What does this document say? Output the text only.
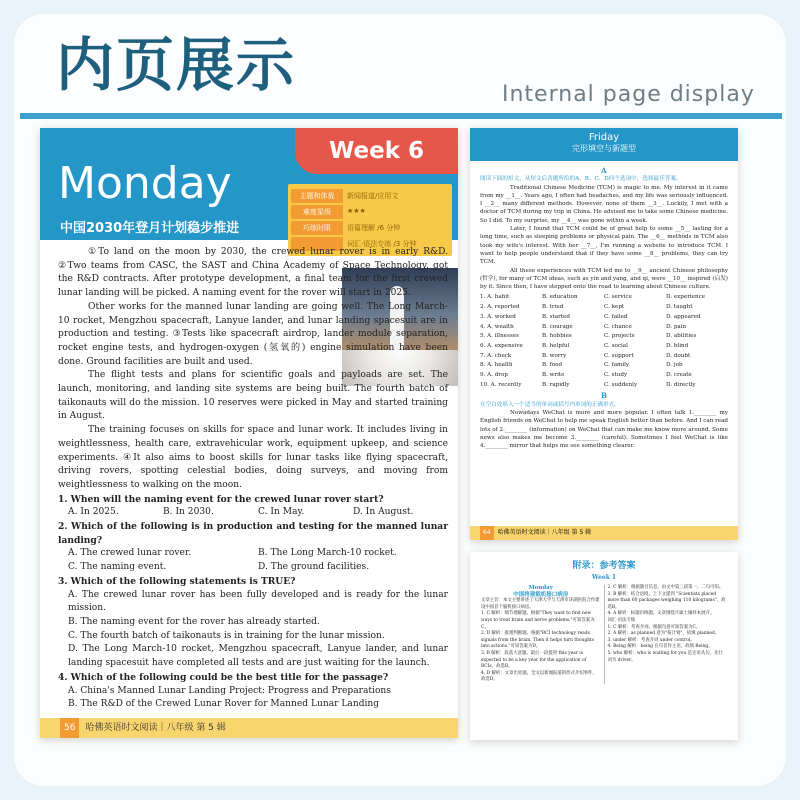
内页展示	Internal page display
Week 6
Monday
中国2030年登月计划稳步推进
主题和体裁	新闻报道/应用文
难度星级	★★★
巧练时限	语篇理解 /6 分钟
词汇·语法专练 /3 分钟

①To land on the moon by 2030, the crewed lunar rover is in early R&D. ②Two teams from CASC, the SAST and China Academy of Space Technology, got the R&D contracts. After prototype development, a final team for the first crewed lunar landing will be picked. A naming event for the rover will start in 2025.

Other works for the manned lunar landing are going well. The Long March-10 rocket, Mengzhou spacecraft, Lanyue lander, and lunar landing spacesuit are in production and testing. ③Tests like spacecraft airdrop, lander module separation, rocket engine tests, and hydrogen-oxygen (氢氧的) engine simulation have been done. Ground facilities are built and used.

The flight tests and plans for scientific goals and payloads are set. The launch, monitoring, and landing site systems are being built. The fourth batch of taikonauts will do the mission. 10 reserves were picked in May and started training in August.

The training focuses on skills for space and lunar work. It includes living in weightlessness, health care, extravehicular work, equipment upkeep, and science experiments. ④It also aims to boost skills for lunar tasks like flying spacecraft, driving rovers, spotting celestial bodies, doing surveys, and moving from weightlessness to walking on the moon.

1. When will the naming event for the crewed lunar rover start?

A. In 2025.	B. In 2030.	C. In May.	D. In August.

2. Which of the following is in production and testing for the manned lunar landing?

A. The crewed lunar rover.	B. The Long March-10 rocket.
C. The naming event.	D. The ground facilities.

3. Which of the following statements is TRUE?

A. The crewed lunar rover has been fully developed and is ready for the lunar mission.

B. The naming event for the rover has already started.

C. The fourth batch of taikonauts is in training for the lunar mission.

D. The Long March-10 rocket, Mengzhou spacecraft, Lanyue lander, and lunar landing spacesuit have completed all tests and are just waiting for the launch.

4. Which of the following could be the best title for the passage?

A. China's Manned Lunar Landing Project: Progress and Preparations

B. The R&D of the Crewed Lunar Rover for Manned Lunar Landing

56 哈佛英语时文阅读｜八年级 第 5 辑
Friday
完形填空与新题型

A

阅读下面的短文，从短文后各题所给的A、B、C、D四个选项中，选择最佳答案。

Traditional Chinese Medicine (TCM) is magic to me. My interest in it came from my __1__. Years ago, I often had headaches, and my life was seriously influenced. I __2__ many different methods. However, none of them __3__. Luckily, I met with a doctor of TCM during my trip in China. He advised me to take some Chinese medicine. So I did. To my surprise, my __4__ was gone within a week.

Later, I found that TCM could be of great help to some __5__ lasting for a long time, such as sleeping problems or physical pain. The __6__ methods in TCM also took my wife's interest. With her __7__, I'm running a website to introduce TCM. I want to help people understand that if they have some __8__ problems, they can try TCM.

All these experiences with TCM led me to __9__ ancient Chinese philosophy (哲学), for many of TCM ideas, such as yin and yang, and qi, were __10__ inspired (启发) by it. Since then, I have stepped onto the road to learning about Chinese culture.

1. A. habit	B. education	C. service	D. experience
2. A. reported	B. tried	C. kept	D. taught
3. A. worked	B. started	C. failed	D. appeared
4. A. wealth	B. courage	C. chance	D. pain
5. A. illnesses	B. hobbies	C. projects	D. abilities
6. A. expensive	B. helpful	C. social	D. blind
7. A. check	B. worry	C. support	D. doubt
8. A. health	B. food	C. family	D. job
9. A. drop	B. write	C. study	D. create
10. A. recently	B. rapidly	C. suddenly	D. directly

B

在空白处填入一个适当的单词或括号内单词的正确形式。

Nowadays WeChat is more and more popular. I often talk 1.________ my English friends on WeChat to help me speak English better than before. And I can read lots of 2.________ (information) on WeChat that can make me know more around. Some news also makes me become 3.________ (careful). Sometimes I feel WeChat is like 4.________ mirror that helps me see something clearer.

64 哈佛英语时文阅读｜八年级 第 5 辑
附录：参考答案
Week 1

Monday

中国将建载机接口病房

文章主旨：本文主要讲述了天津大学与天津市环湖医院合作建设中国首个脑机接口病房。

1. C 解析：细节理解题。根据"They want to find new ways to treat brain and nerve problems."可知答案为C。

2. D 解析：推理判断题。根据"BCI technology reads signals from the brain. Then it helps turn thoughts into actions."可知答案为D。

3. B 解析：段落大意题。最后一段提到 this year is expected to be a key year for the application of BCIs，故选B。

4. D 解析：文章出处题。全文以新闻报道的形式介绍事件，故选D。

2. C 解析：根据题目信息，由文中第三段第一、二句可知。

3. B 解析：结合语境，上下文提到 "Scientists placed more than 60 packages weighing 110 kilograms"，故选B。

4. A 解析：标题归纳题。文章围绕月球土壤样本展开。

词汇·语法专练

1. C 解析：考查介词。根据句意可知答案为C。

2. A 解析：as planned 意为"按计划"，故填 planned。

3. under 解析：考查介词 under control。

4. Being 解析：being 在句首作主语，故填 Being。

5. who 解析：who is waiting for you 是定语从句，先行词为 driver。
